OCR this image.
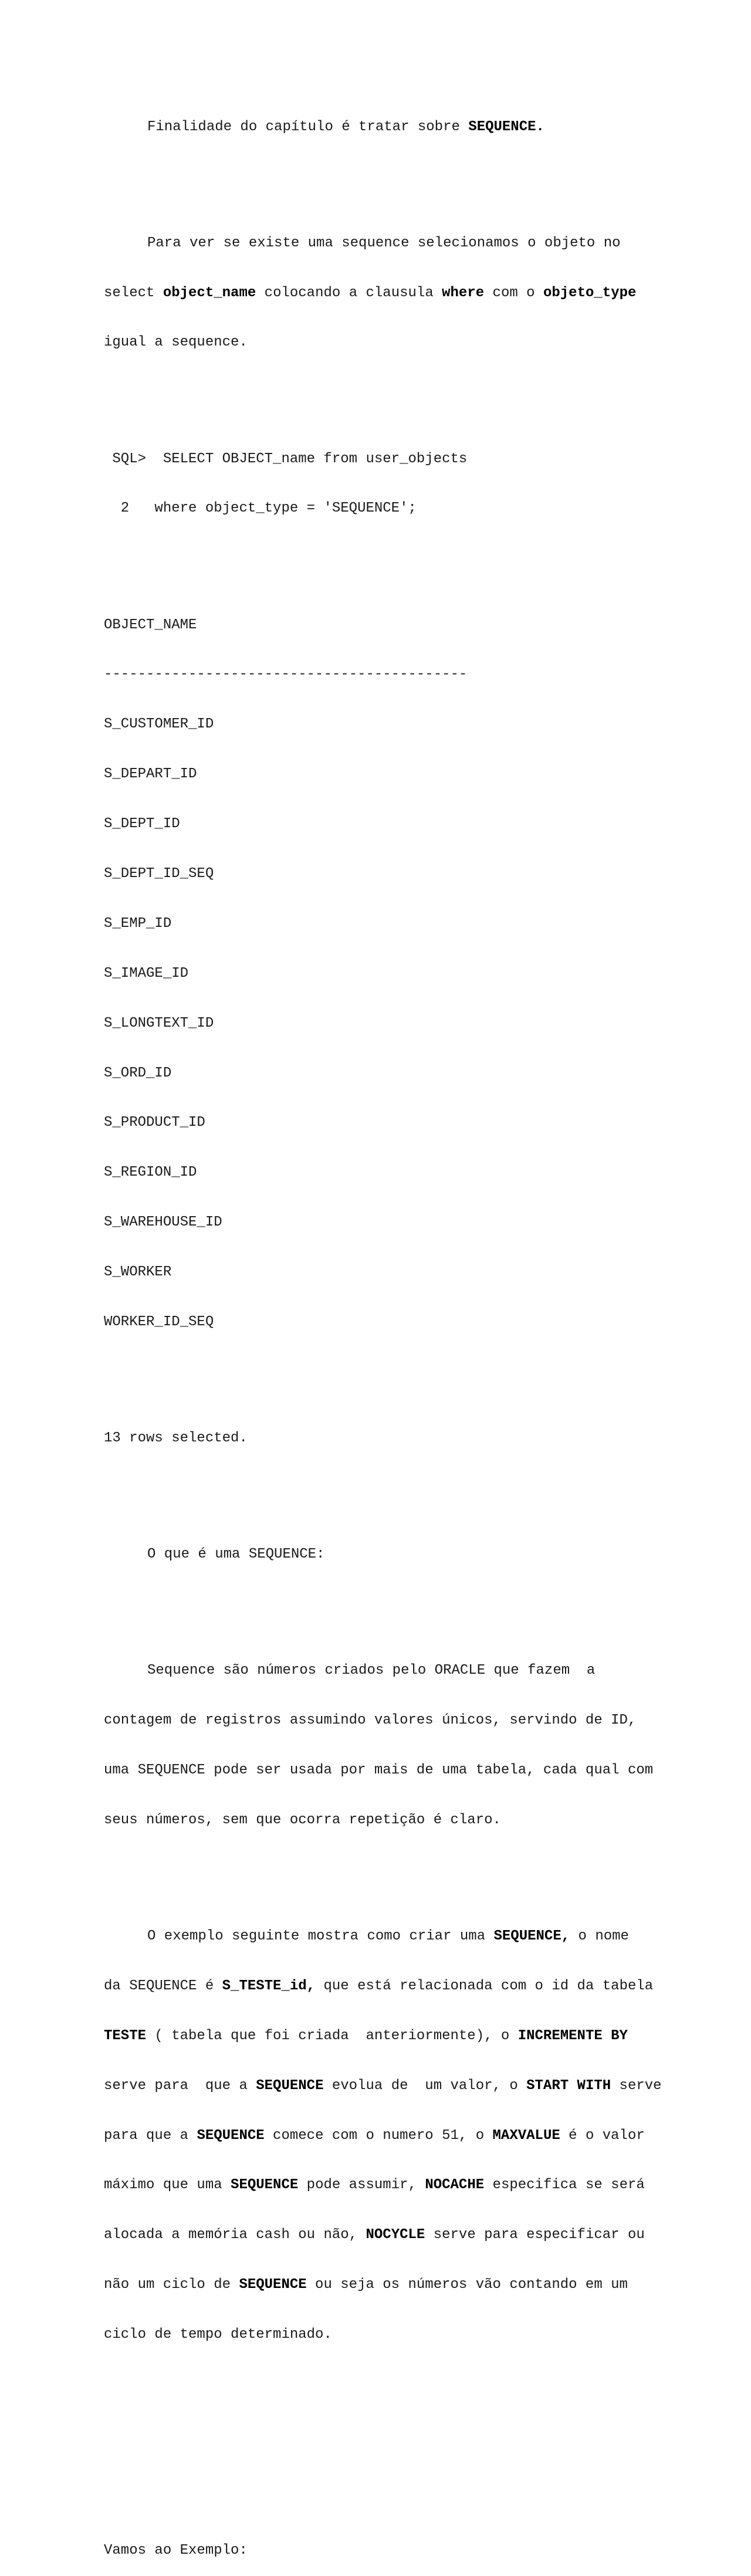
Finalidade do capítulo é tratar sobre SEQUENCE.

Para ver se existe uma sequence selecionamos o objeto no

select object_name colocando a clausula where com o objeto_type

igual a sequence.

SQL>  SELECT OBJECT_name from user_objects

2   where object_type = 'SEQUENCE';

OBJECT_NAME

-------------------------------------------

S_CUSTOMER_ID

S_DEPART_ID

S_DEPT_ID

S_DEPT_ID_SEQ

S_EMP_ID

S_IMAGE_ID

S_LONGTEXT_ID

S_ORD_ID

S_PRODUCT_ID

S_REGION_ID

S_WAREHOUSE_ID

S_WORKER

WORKER_ID_SEQ

13 rows selected.

O que é uma SEQUENCE:

Sequence são números criados pelo ORACLE que fazem  a

contagem de registros assumindo valores únicos, servindo de ID,

uma SEQUENCE pode ser usada por mais de uma tabela, cada qual com

seus números, sem que ocorra repetição é claro.

O exemplo seguinte mostra como criar uma SEQUENCE, o nome

da SEQUENCE é S_TESTE_id, que está relacionada com o id da tabela

TESTE ( tabela que foi criada  anteriormente), o INCREMENTE BY

serve para  que a SEQUENCE evolua de  um valor, o START WITH serve

para que a SEQUENCE comece com o numero 51, o MAXVALUE é o valor

máximo que uma SEQUENCE pode assumir, NOCACHE especifica se será

alocada a memória cash ou não, NOCYCLE serve para especificar ou

não um ciclo de SEQUENCE ou seja os números vão contando em um

ciclo de tempo determinado.

Vamos ao Exemplo:
